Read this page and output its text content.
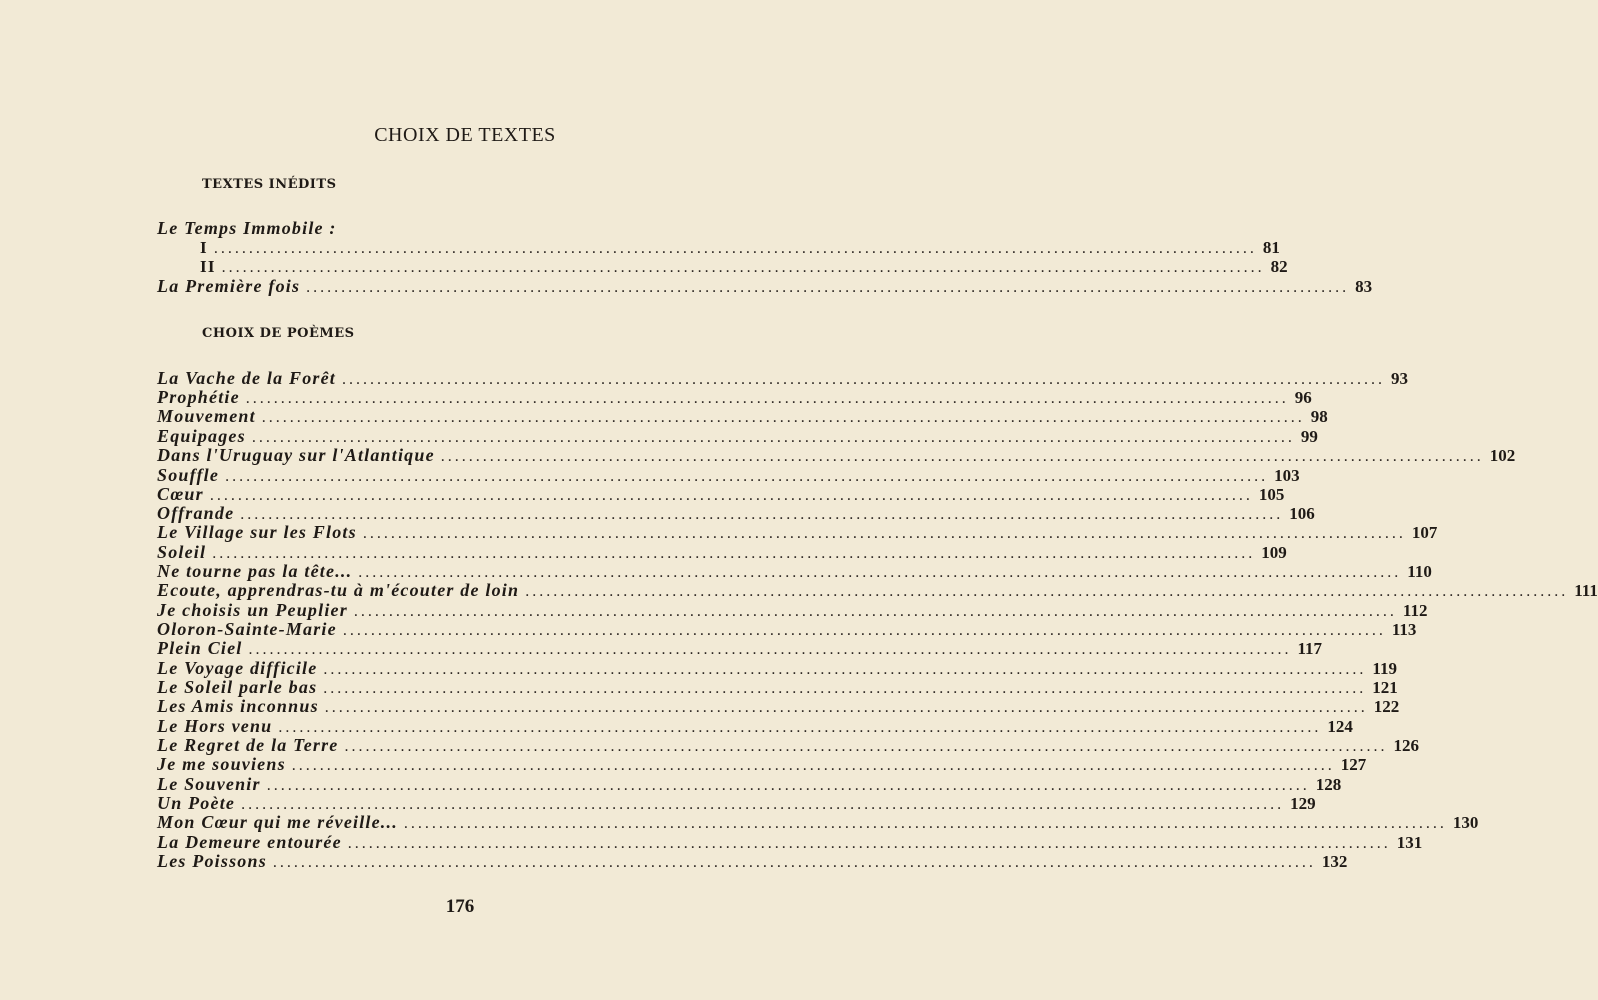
CHOIX DE TEXTES
TEXTES INÉDITS
Le Temps Immobile :
I ..................................................................................................................................................... 81
II ..................................................................................................................................................... 82
La Première fois ..................................................................................................................................................... 83
CHOIX DE POÈMES
La Vache de la Forêt ..................................................................................................................................................... 93
Prophétie ..................................................................................................................................................... 96
Mouvement ..................................................................................................................................................... 98
Equipages ..................................................................................................................................................... 99
Dans l'Uruguay sur l'Atlantique ..................................................................................................................................................... 102
Souffle ..................................................................................................................................................... 103
Cœur ..................................................................................................................................................... 105
Offrande ..................................................................................................................................................... 106
Le Village sur les Flots ..................................................................................................................................................... 107
Soleil ..................................................................................................................................................... 109
Ne tourne pas la tête... ..................................................................................................................................................... 110
Ecoute, apprendras-tu à m'écouter de loin ..................................................................................................................................................... 111
Je choisis un Peuplier ..................................................................................................................................................... 112
Oloron-Sainte-Marie ..................................................................................................................................................... 113
Plein Ciel ..................................................................................................................................................... 117
Le Voyage difficile ..................................................................................................................................................... 119
Le Soleil parle bas ..................................................................................................................................................... 121
Les Amis inconnus ..................................................................................................................................................... 122
Le Hors venu ..................................................................................................................................................... 124
Le Regret de la Terre ..................................................................................................................................................... 126
Je me souviens ..................................................................................................................................................... 127
Le Souvenir ..................................................................................................................................................... 128
Un Poète ..................................................................................................................................................... 129
Mon Cœur qui me réveille... ..................................................................................................................................................... 130
La Demeure entourée ..................................................................................................................................................... 131
Les Poissons ..................................................................................................................................................... 132
176
